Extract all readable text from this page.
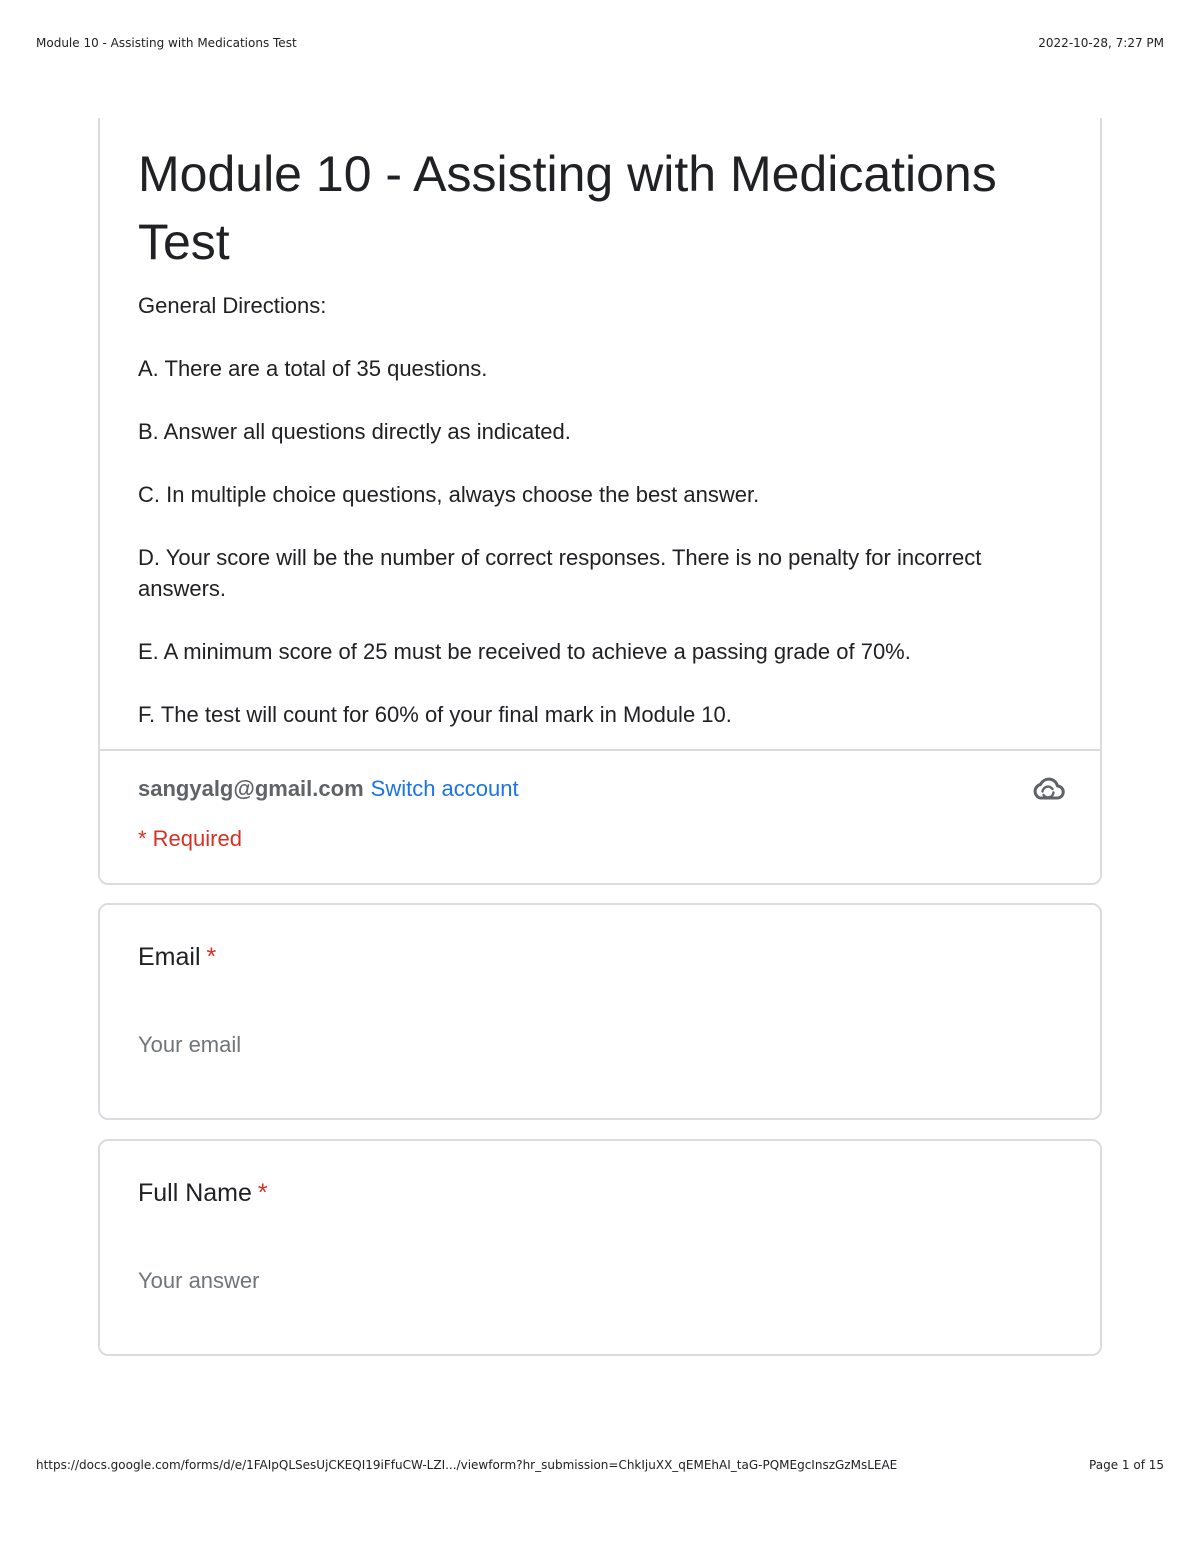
Module 10 - Assisting with Medications Test	2022-10-28, 7:27 PM
Module 10 - Assisting with Medications Test

General Directions:

A. There are a total of 35 questions.
B. Answer all questions directly as indicated.
C. In multiple choice questions, always choose the best answer.
D. Your score will be the number of correct responses. There is no penalty for incorrect answers.
E. A minimum score of 25 must be received to achieve a passing grade of 70%.
F. The test will count for 60% of your final mark in Module 10.
sangyalg@gmail.com Switch account
* Required
Email *
Your email
Full Name *
Your answer
https://docs.google.com/forms/d/e/1FAIpQLSesUjCKEQI19iFfuCW-LZI.../viewform?hr_submission=ChkIjuXX_qEMEhAI_taG-PQMEgcInszGzMsLEAE	Page 1 of 15
